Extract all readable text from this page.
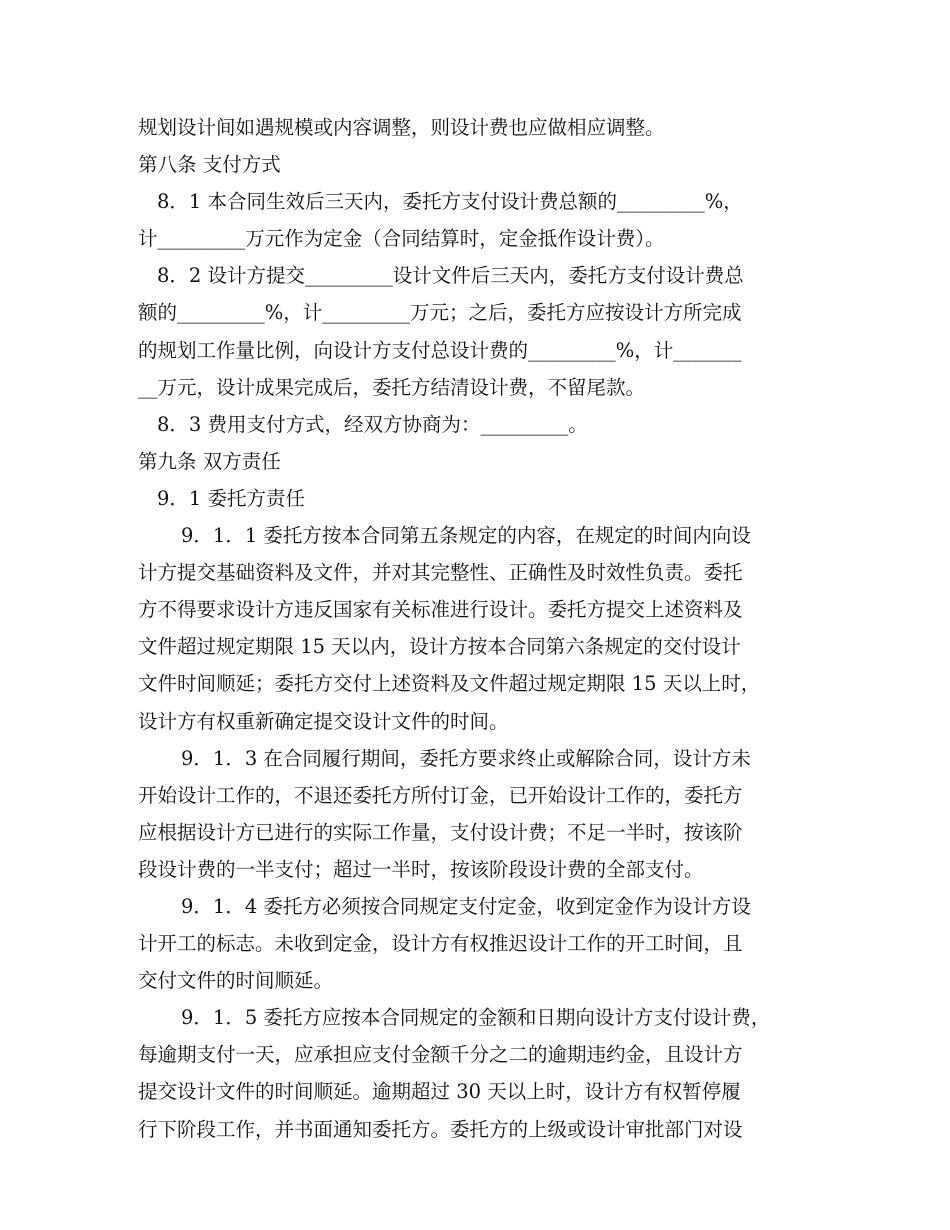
规划设计间如遇规模或内容调整，则设计费也应做相应调整。
第八条 支付方式
8．1 本合同生效后三天内，委托方支付设计费总额的_________%，
计_________万元作为定金（合同结算时，定金抵作设计费）。
8．2 设计方提交_________设计文件后三天内，委托方支付设计费总
额的_________%，计_________万元；之后，委托方应按设计方所完成
的规划工作量比例，向设计方支付总设计费的_________%，计_______
__万元，设计成果完成后，委托方结清设计费，不留尾款。
8．3 费用支付方式，经双方协商为：_________。
第九条 双方责任
9．1 委托方责任
9．1．1 委托方按本合同第五条规定的内容，在规定的时间内向设
计方提交基础资料及文件，并对其完整性、正确性及时效性负责。委托
方不得要求设计方违反国家有关标准进行设计。委托方提交上述资料及
文件超过规定期限 15 天以内，设计方按本合同第六条规定的交付设计
文件时间顺延；委托方交付上述资料及文件超过规定期限 15 天以上时，
设计方有权重新确定提交设计文件的时间。
9．1．3 在合同履行期间，委托方要求终止或解除合同，设计方未
开始设计工作的，不退还委托方所付订金，已开始设计工作的，委托方
应根据设计方已进行的实际工作量，支付设计费；不足一半时，按该阶
段设计费的一半支付；超过一半时，按该阶段设计费的全部支付。
9．1．4 委托方必须按合同规定支付定金，收到定金作为设计方设
计开工的标志。未收到定金，设计方有权推迟设计工作的开工时间，且
交付文件的时间顺延。
9．1．5 委托方应按本合同规定的金额和日期向设计方支付设计费，
每逾期支付一天，应承担应支付金额千分之二的逾期违约金，且设计方
提交设计文件的时间顺延。逾期超过 30 天以上时，设计方有权暂停履
行下阶段工作，并书面通知委托方。委托方的上级或设计审批部门对设
